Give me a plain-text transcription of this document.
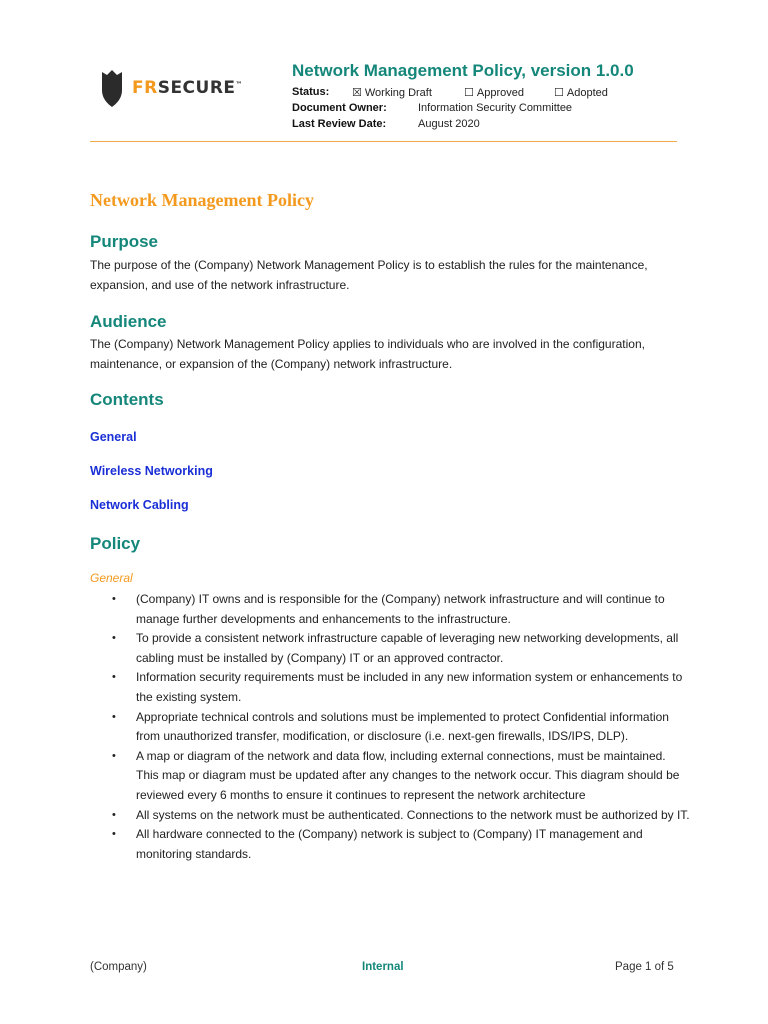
FRSECURE™
Network Management Policy, version 1.0.0
Status: ☒ Working Draft	☐ Approved	☐ Adopted
Document Owner:	Information Security Committee
Last Review Date:	August 2020
Network Management Policy
Purpose
The purpose of the (Company) Network Management Policy is to establish the rules for the maintenance, expansion, and use of the network infrastructure.
Audience
The (Company) Network Management Policy applies to individuals who are involved in the configuration, maintenance, or expansion of the (Company) network infrastructure.
Contents
General
Wireless Networking
Network Cabling
Policy
General
• (Company) IT owns and is responsible for the (Company) network infrastructure and will continue to manage further developments and enhancements to the infrastructure.
• To provide a consistent network infrastructure capable of leveraging new networking developments, all cabling must be installed by (Company) IT or an approved contractor.
• Information security requirements must be included in any new information system or enhancements to the existing system.
• Appropriate technical controls and solutions must be implemented to protect Confidential information from unauthorized transfer, modification, or disclosure (i.e. next-gen firewalls, IDS/IPS, DLP).
• A map or diagram of the network and data flow, including external connections, must be maintained. This map or diagram must be updated after any changes to the network occur. This diagram should be reviewed every 6 months to ensure it continues to represent the network architecture
• All systems on the network must be authenticated. Connections to the network must be authorized by IT.
• All hardware connected to the (Company) network is subject to (Company) IT management and monitoring standards.
(Company)	Internal	Page 1 of 5
